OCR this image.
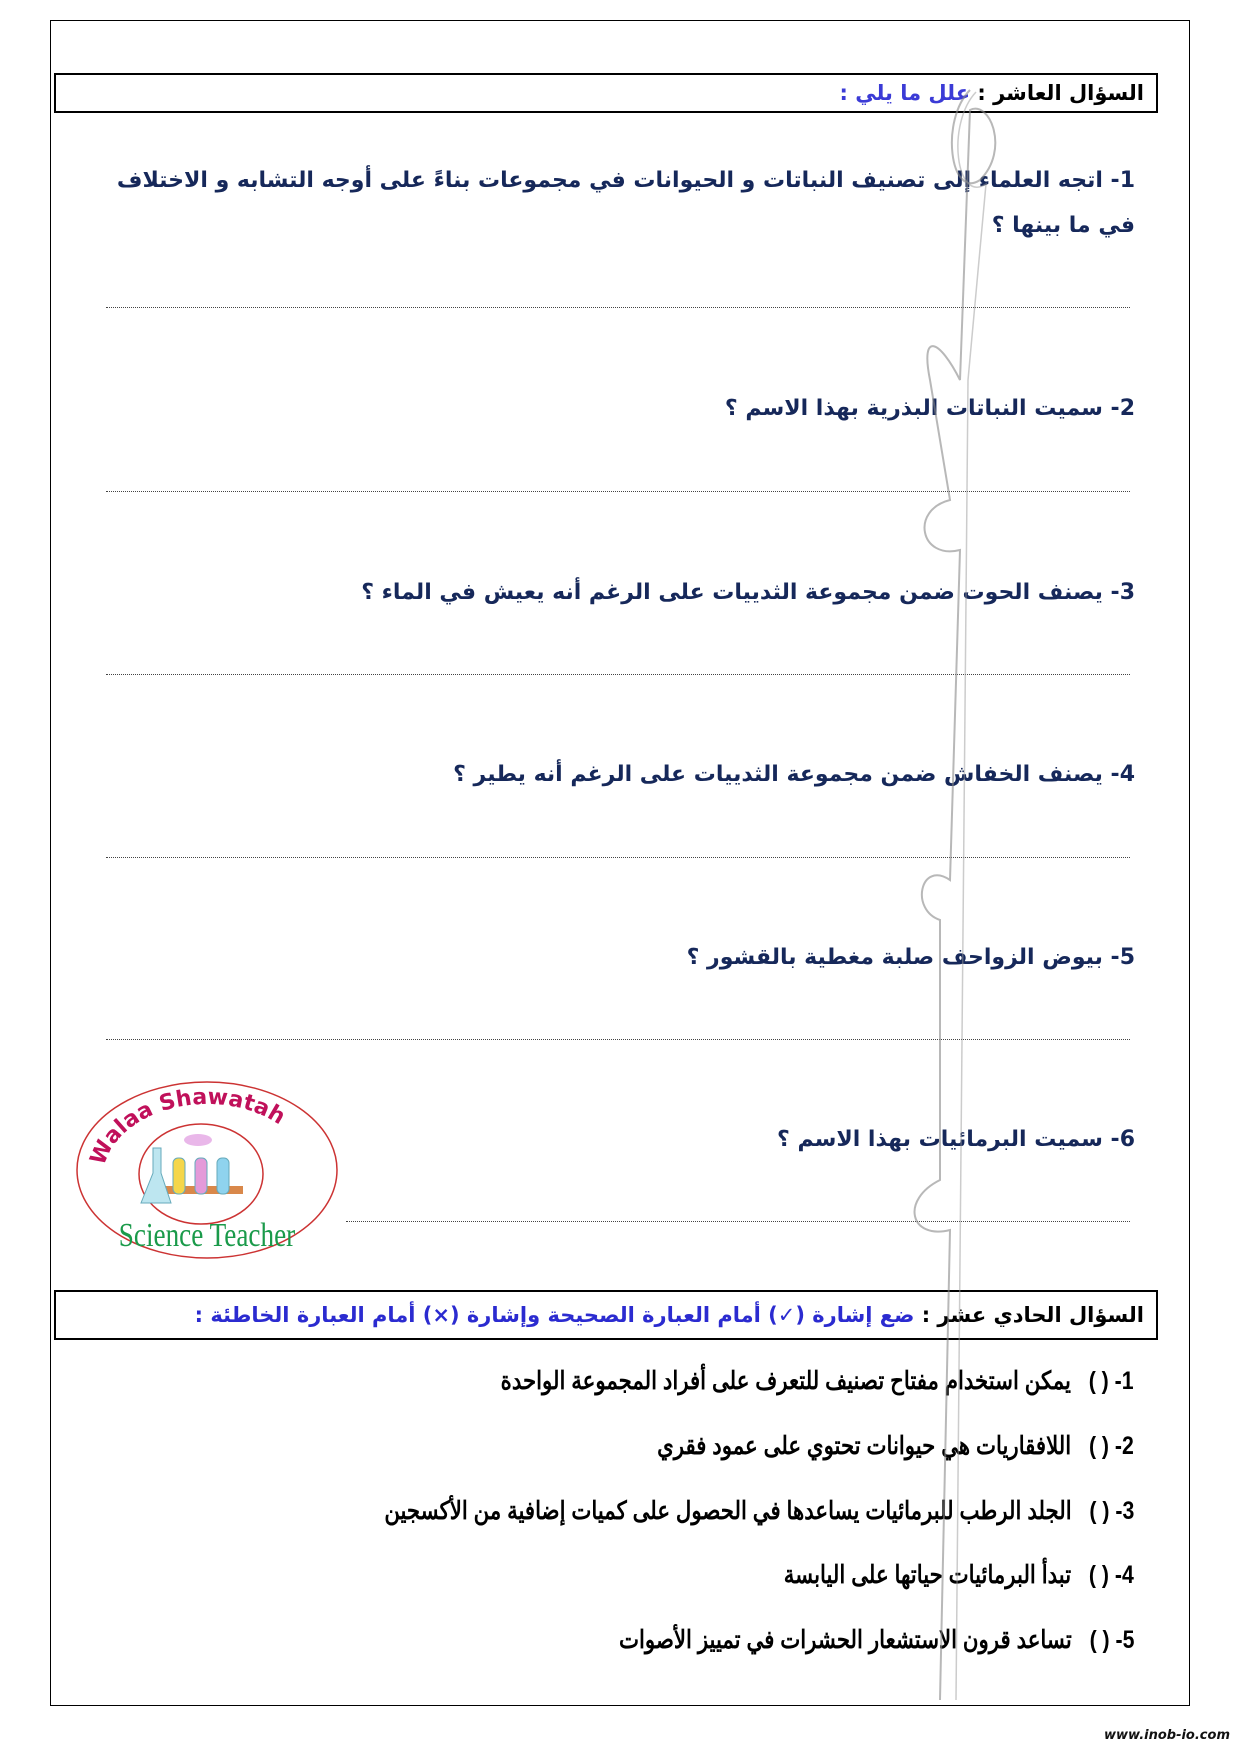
السؤال العاشر :

علل ما يلي :
1- اتجه العلماء إلى تصنيف النباتات و الحيوانات في مجموعات بناءً على أوجه التشابه و الاختلاف
في ما بينها ؟
2- سميت النباتات البذرية بهذا الاسم ؟
3- يصنف الحوت ضمن مجموعة الثدييات على الرغم أنه يعيش في الماء ؟
4- يصنف الخفاش ضمن مجموعة الثدييات على الرغم أنه يطير ؟
5- بيوض الزواحف صلبة مغطية بالقشور ؟
6- سميت البرمائيات بهذا الاسم ؟
Walaa Shawatah
Science Teacher
السؤال الحادي عشر :

ضع إشارة (✓) أمام العبارة الصحيحة وإشارة (×) أمام العبارة الخاطئة :
1- ( ) يمكن استخدام مفتاح تصنيف للتعرف على أفراد المجموعة الواحدة
2- ( ) اللافقاريات هي حيوانات تحتوي على عمود فقري
3- ( ) الجلد الرطب للبرمائيات يساعدها في الحصول على كميات إضافية من الأكسجين
4- ( ) تبدأ البرمائيات حياتها على اليابسة
5- ( ) تساعد قرون الاستشعار الحشرات في تمييز الأصوات
www.inob-io.com
